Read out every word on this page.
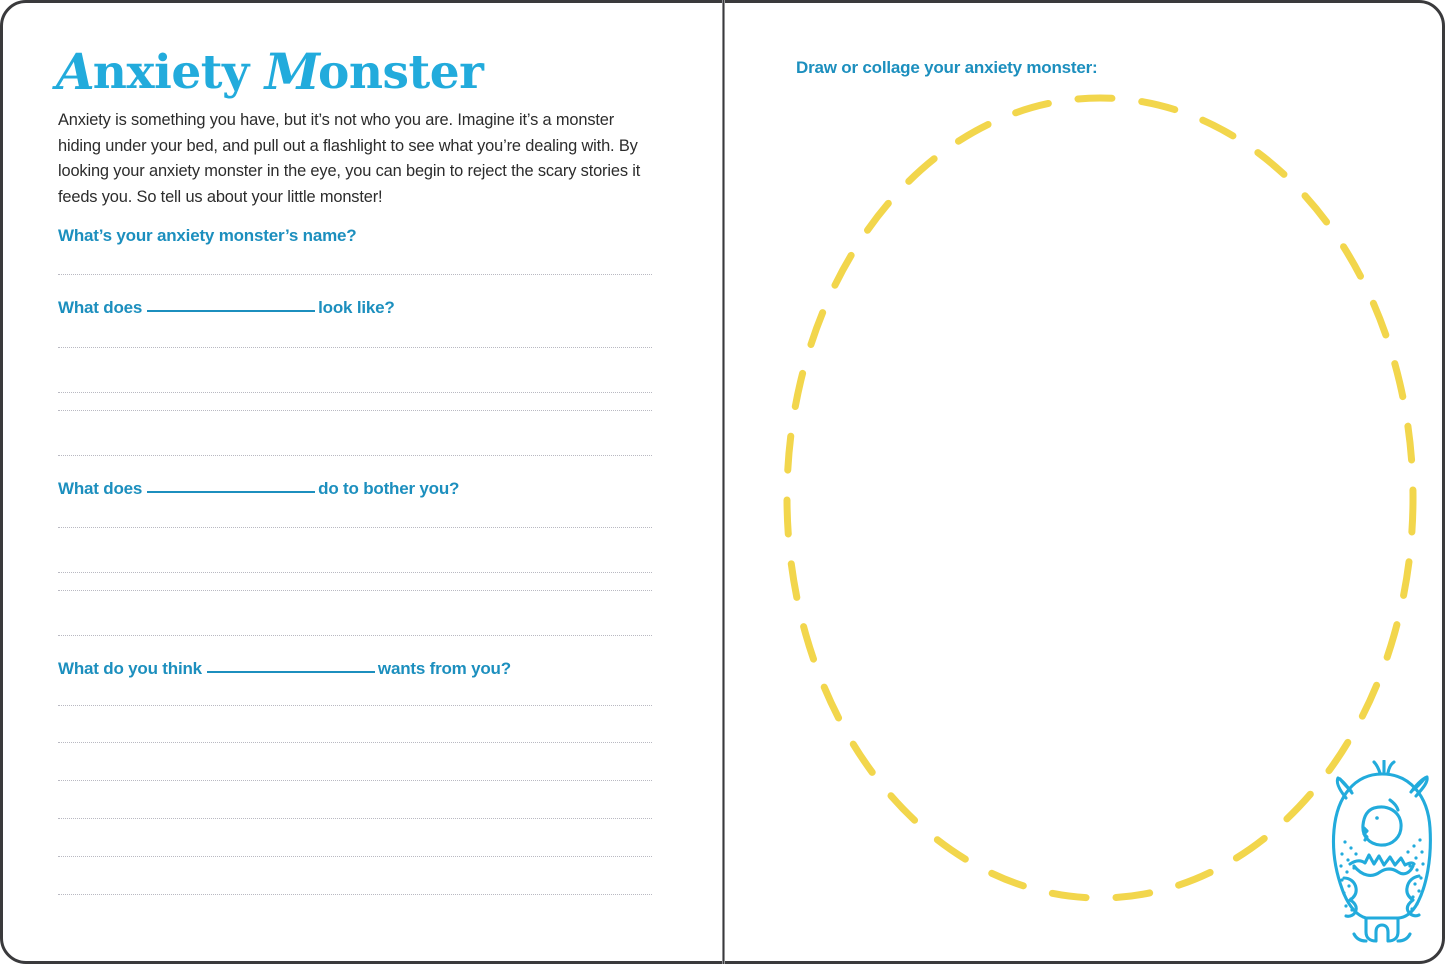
Anxiety Monster
Anxiety is something you have, but it’s not who you are. Imagine it’s a monster hiding under your bed, and pull out a flashlight to see what you’re dealing with. By looking your anxiety monster in the eye, you can begin to reject the scary stories it feeds you. So tell us about your little monster!
What’s your anxiety monster’s name?
What does	look like?
What does	do to bother you?
What do you think	wants from you?
Draw or collage your anxiety monster:
